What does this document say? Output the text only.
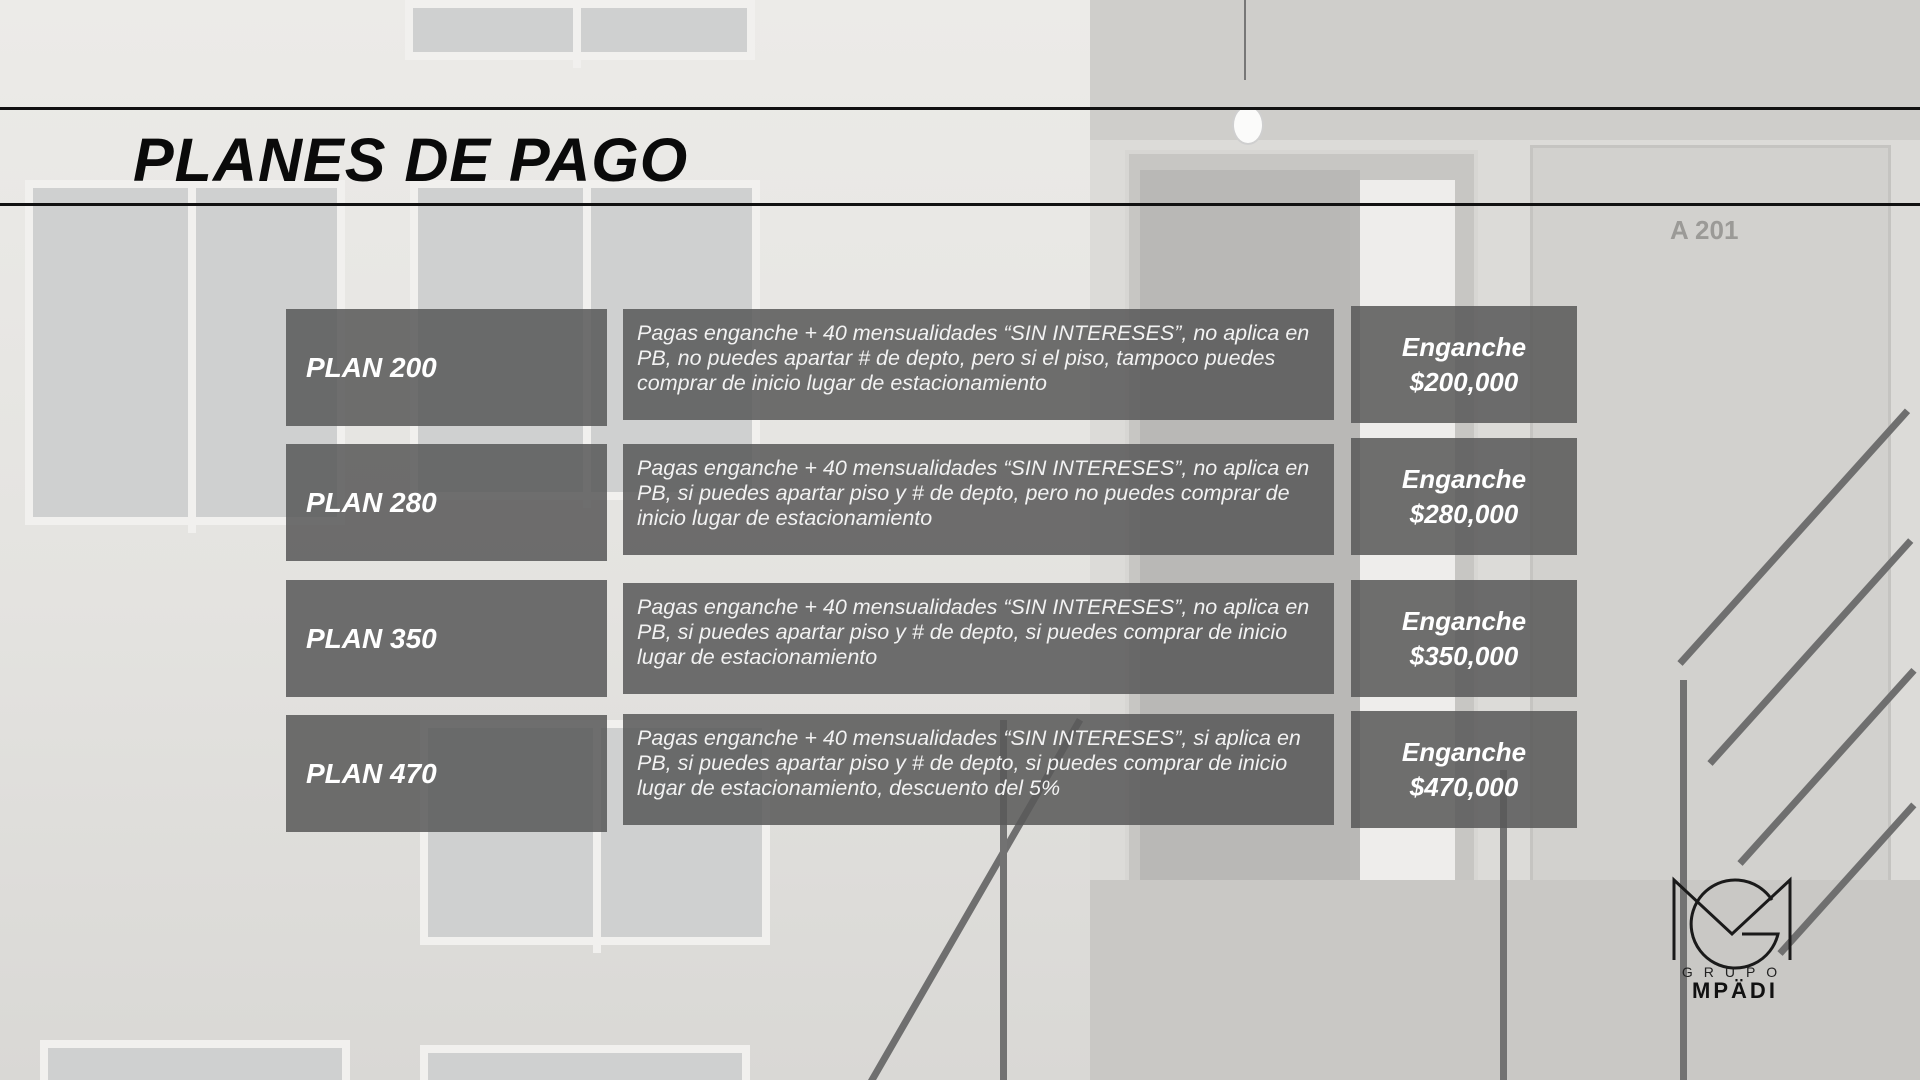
A 201
PLANES DE PAGO
PLAN 200
Pagas enganche + 40 mensualidades “SIN INTERESES”, no aplica en PB, no puedes apartar # de depto, pero si el piso, tampoco puedes comprar de inicio lugar de estacionamiento
Enganche
$200,000
PLAN 280
Pagas enganche + 40 mensualidades “SIN INTERESES”, no aplica en PB, si puedes apartar piso y # de depto, pero no puedes comprar de inicio lugar de estacionamiento
Enganche
$280,000
PLAN 350
Pagas enganche + 40 mensualidades “SIN INTERESES”, no aplica en PB, si puedes apartar piso y # de depto, si puedes comprar de inicio lugar de estacionamiento
Enganche
$350,000
PLAN 470
Pagas enganche + 40 mensualidades “SIN INTERESES”, si aplica en PB, si puedes apartar piso y # de depto, si puedes comprar de inicio lugar de estacionamiento, descuento del 5%
Enganche
$470,000
GRUPO
MPÄDI
